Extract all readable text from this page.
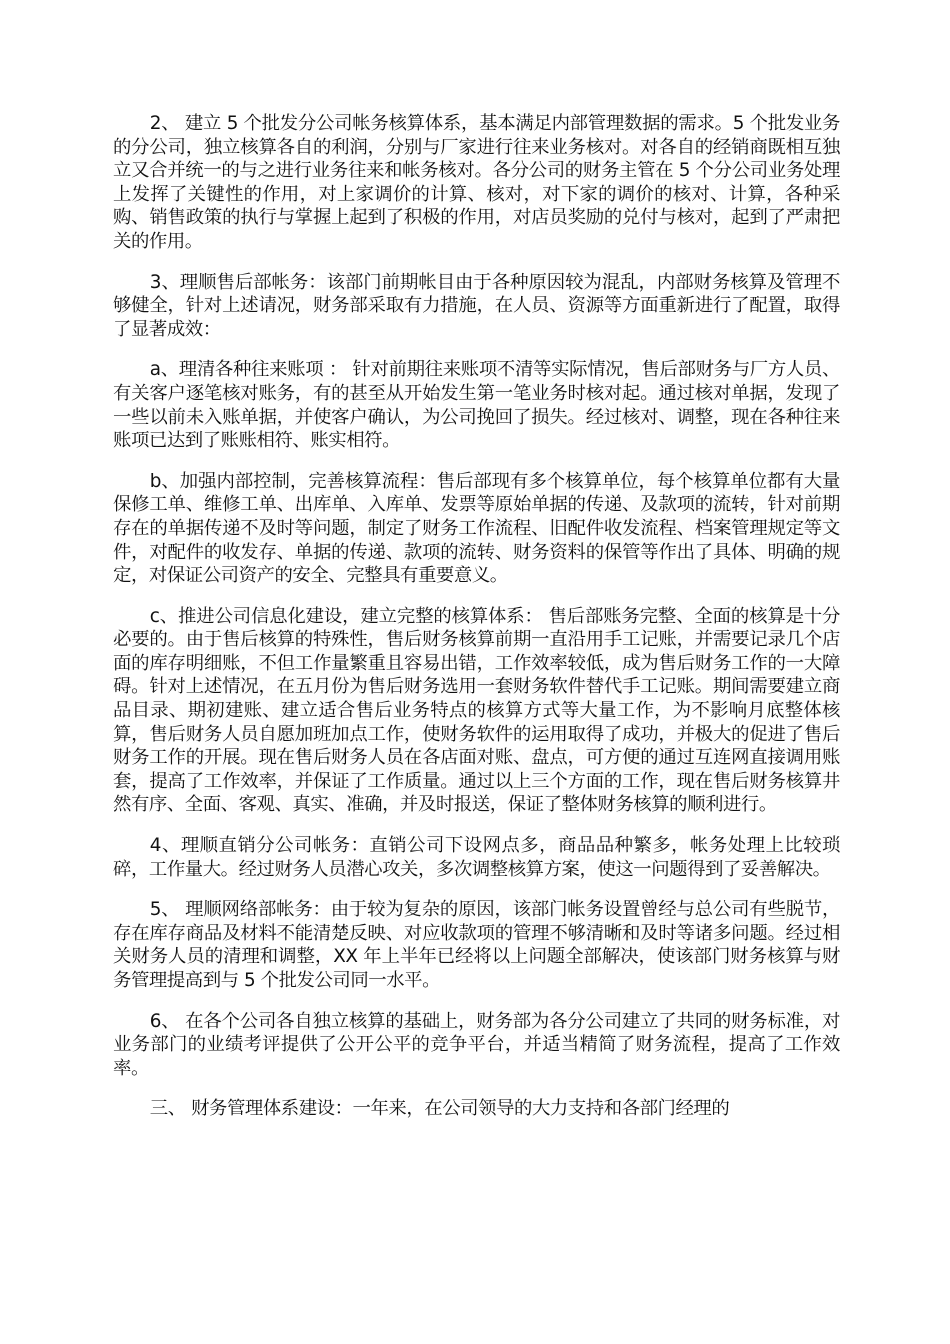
2、 建立 5 个批发分公司帐务核算体系，基本满足内部管理数据的需求。5 个批发业务的分公司，独立核算各自的利润，分别与厂家进行往来业务核对。对各自的经销商既相互独立又合并统一的与之进行业务往来和帐务核对。各分公司的财务主管在 5 个分公司业务处理上发挥了关键性的作用，对上家调价的计算、核对，对下家的调价的核对、计算，各种采购、销售政策的执行与掌握上起到了积极的作用，对店员奖励的兑付与核对，起到了严肃把关的作用。

3、理顺售后部帐务：该部门前期帐目由于各种原因较为混乱，内部财务核算及管理不够健全，针对上述请况，财务部采取有力措施，在人员、资源等方面重新进行了配置，取得了显著成效：

a、理清各种往来账项 ： 针对前期往来账项不清等实际情况，售后部财务与厂方人员、有关客户逐笔核对账务，有的甚至从开始发生第一笔业务时核对起。通过核对单据，发现了一些以前未入账单据，并使客户确认，为公司挽回了损失。经过核对、调整，现在各种往来账项已达到了账账相符、账实相符。

b、加强内部控制，完善核算流程：售后部现有多个核算单位，每个核算单位都有大量保修工单、维修工单、出库单、入库单、发票等原始单据的传递、及款项的流转，针对前期存在的单据传递不及时等问题，制定了财务工作流程、旧配件收发流程、档案管理规定等文件，对配件的收发存、单据的传递、款项的流转、财务资料的保管等作出了具体、明确的规定，对保证公司资产的安全、完整具有重要意义。

c、推进公司信息化建设，建立完整的核算体系： 售后部账务完整、全面的核算是十分必要的。由于售后核算的特殊性，售后财务核算前期一直沿用手工记账，并需要记录几个店面的库存明细账，不但工作量繁重且容易出错，工作效率较低，成为售后财务工作的一大障碍。针对上述情况，在五月份为售后财务选用一套财务软件替代手工记账。期间需要建立商品目录、期初建账、建立适合售后业务特点的核算方式等大量工作，为不影响月底整体核算，售后财务人员自愿加班加点工作，使财务软件的运用取得了成功，并极大的促进了售后财务工作的开展。现在售后财务人员在各店面对账、盘点，可方便的通过互连网直接调用账套，提高了工作效率，并保证了工作质量。通过以上三个方面的工作，现在售后财务核算井然有序、全面、客观、真实、准确，并及时报送，保证了整体财务核算的顺利进行。

4、理顺直销分公司帐务：直销公司下设网点多，商品品种繁多，帐务处理上比较琐碎，工作量大。经过财务人员潜心攻关，多次调整核算方案，使这一问题得到了妥善解决。

5、 理顺网络部帐务：由于较为复杂的原因，该部门帐务设置曾经与总公司有些脱节，存在库存商品及材料不能清楚反映、对应收款项的管理不够清晰和及时等诸多问题。经过相关财务人员的清理和调整，XX 年上半年已经将以上问题全部解决，使该部门财务核算与财务管理提高到与 5 个批发公司同一水平。

6、 在各个公司各自独立核算的基础上，财务部为各分公司建立了共同的财务标准，对业务部门的业绩考评提供了公开公平的竞争平台，并适当精简了财务流程，提高了工作效率。

三、 财务管理体系建设：一年来，在公司领导的大力支持和各部门经理的
